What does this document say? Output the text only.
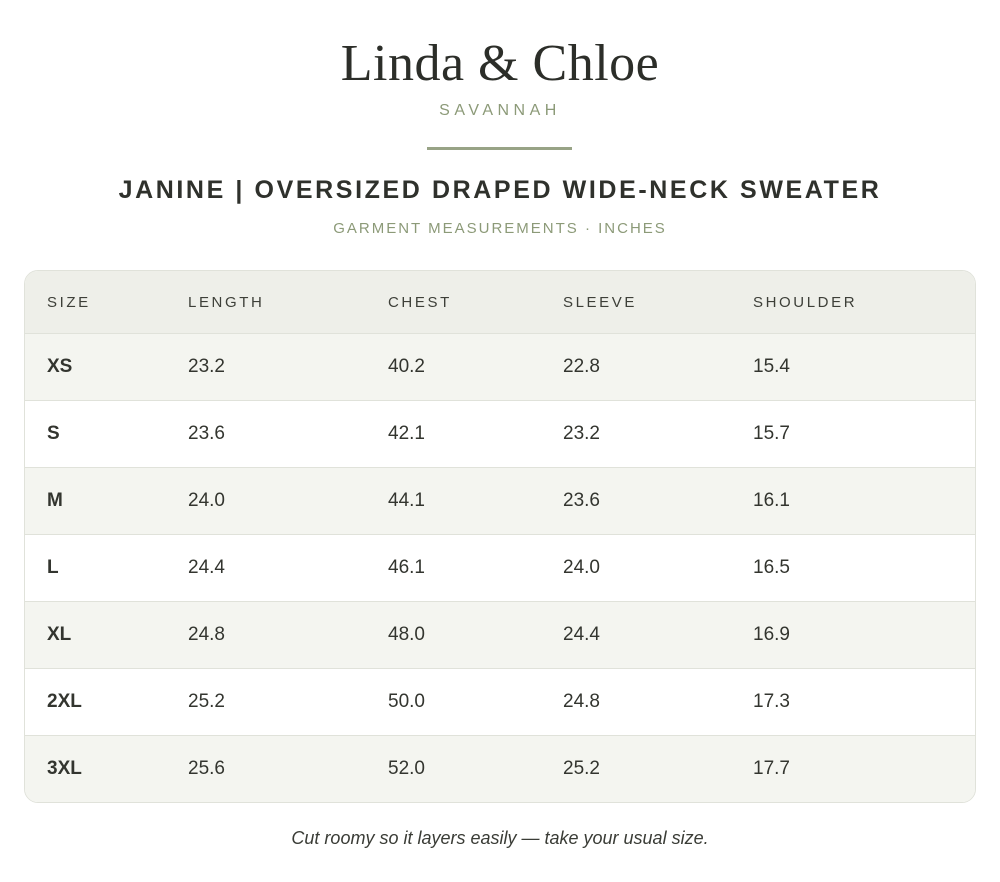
Linda & Chloe
SAVANNAH
JANINE | OVERSIZED DRAPED WIDE-NECK SWEATER
GARMENT MEASUREMENTS · INCHES
SIZE	LENGTH	CHEST	SLEEVE	SHOULDER
XS	23.2	40.2	22.8	15.4
S	23.6	42.1	23.2	15.7
M	24.0	44.1	23.6	16.1
L	24.4	46.1	24.0	16.5
XL	24.8	48.0	24.4	16.9
2XL	25.2	50.0	24.8	17.3
3XL	25.6	52.0	25.2	17.7
Cut roomy so it layers easily — take your usual size.
